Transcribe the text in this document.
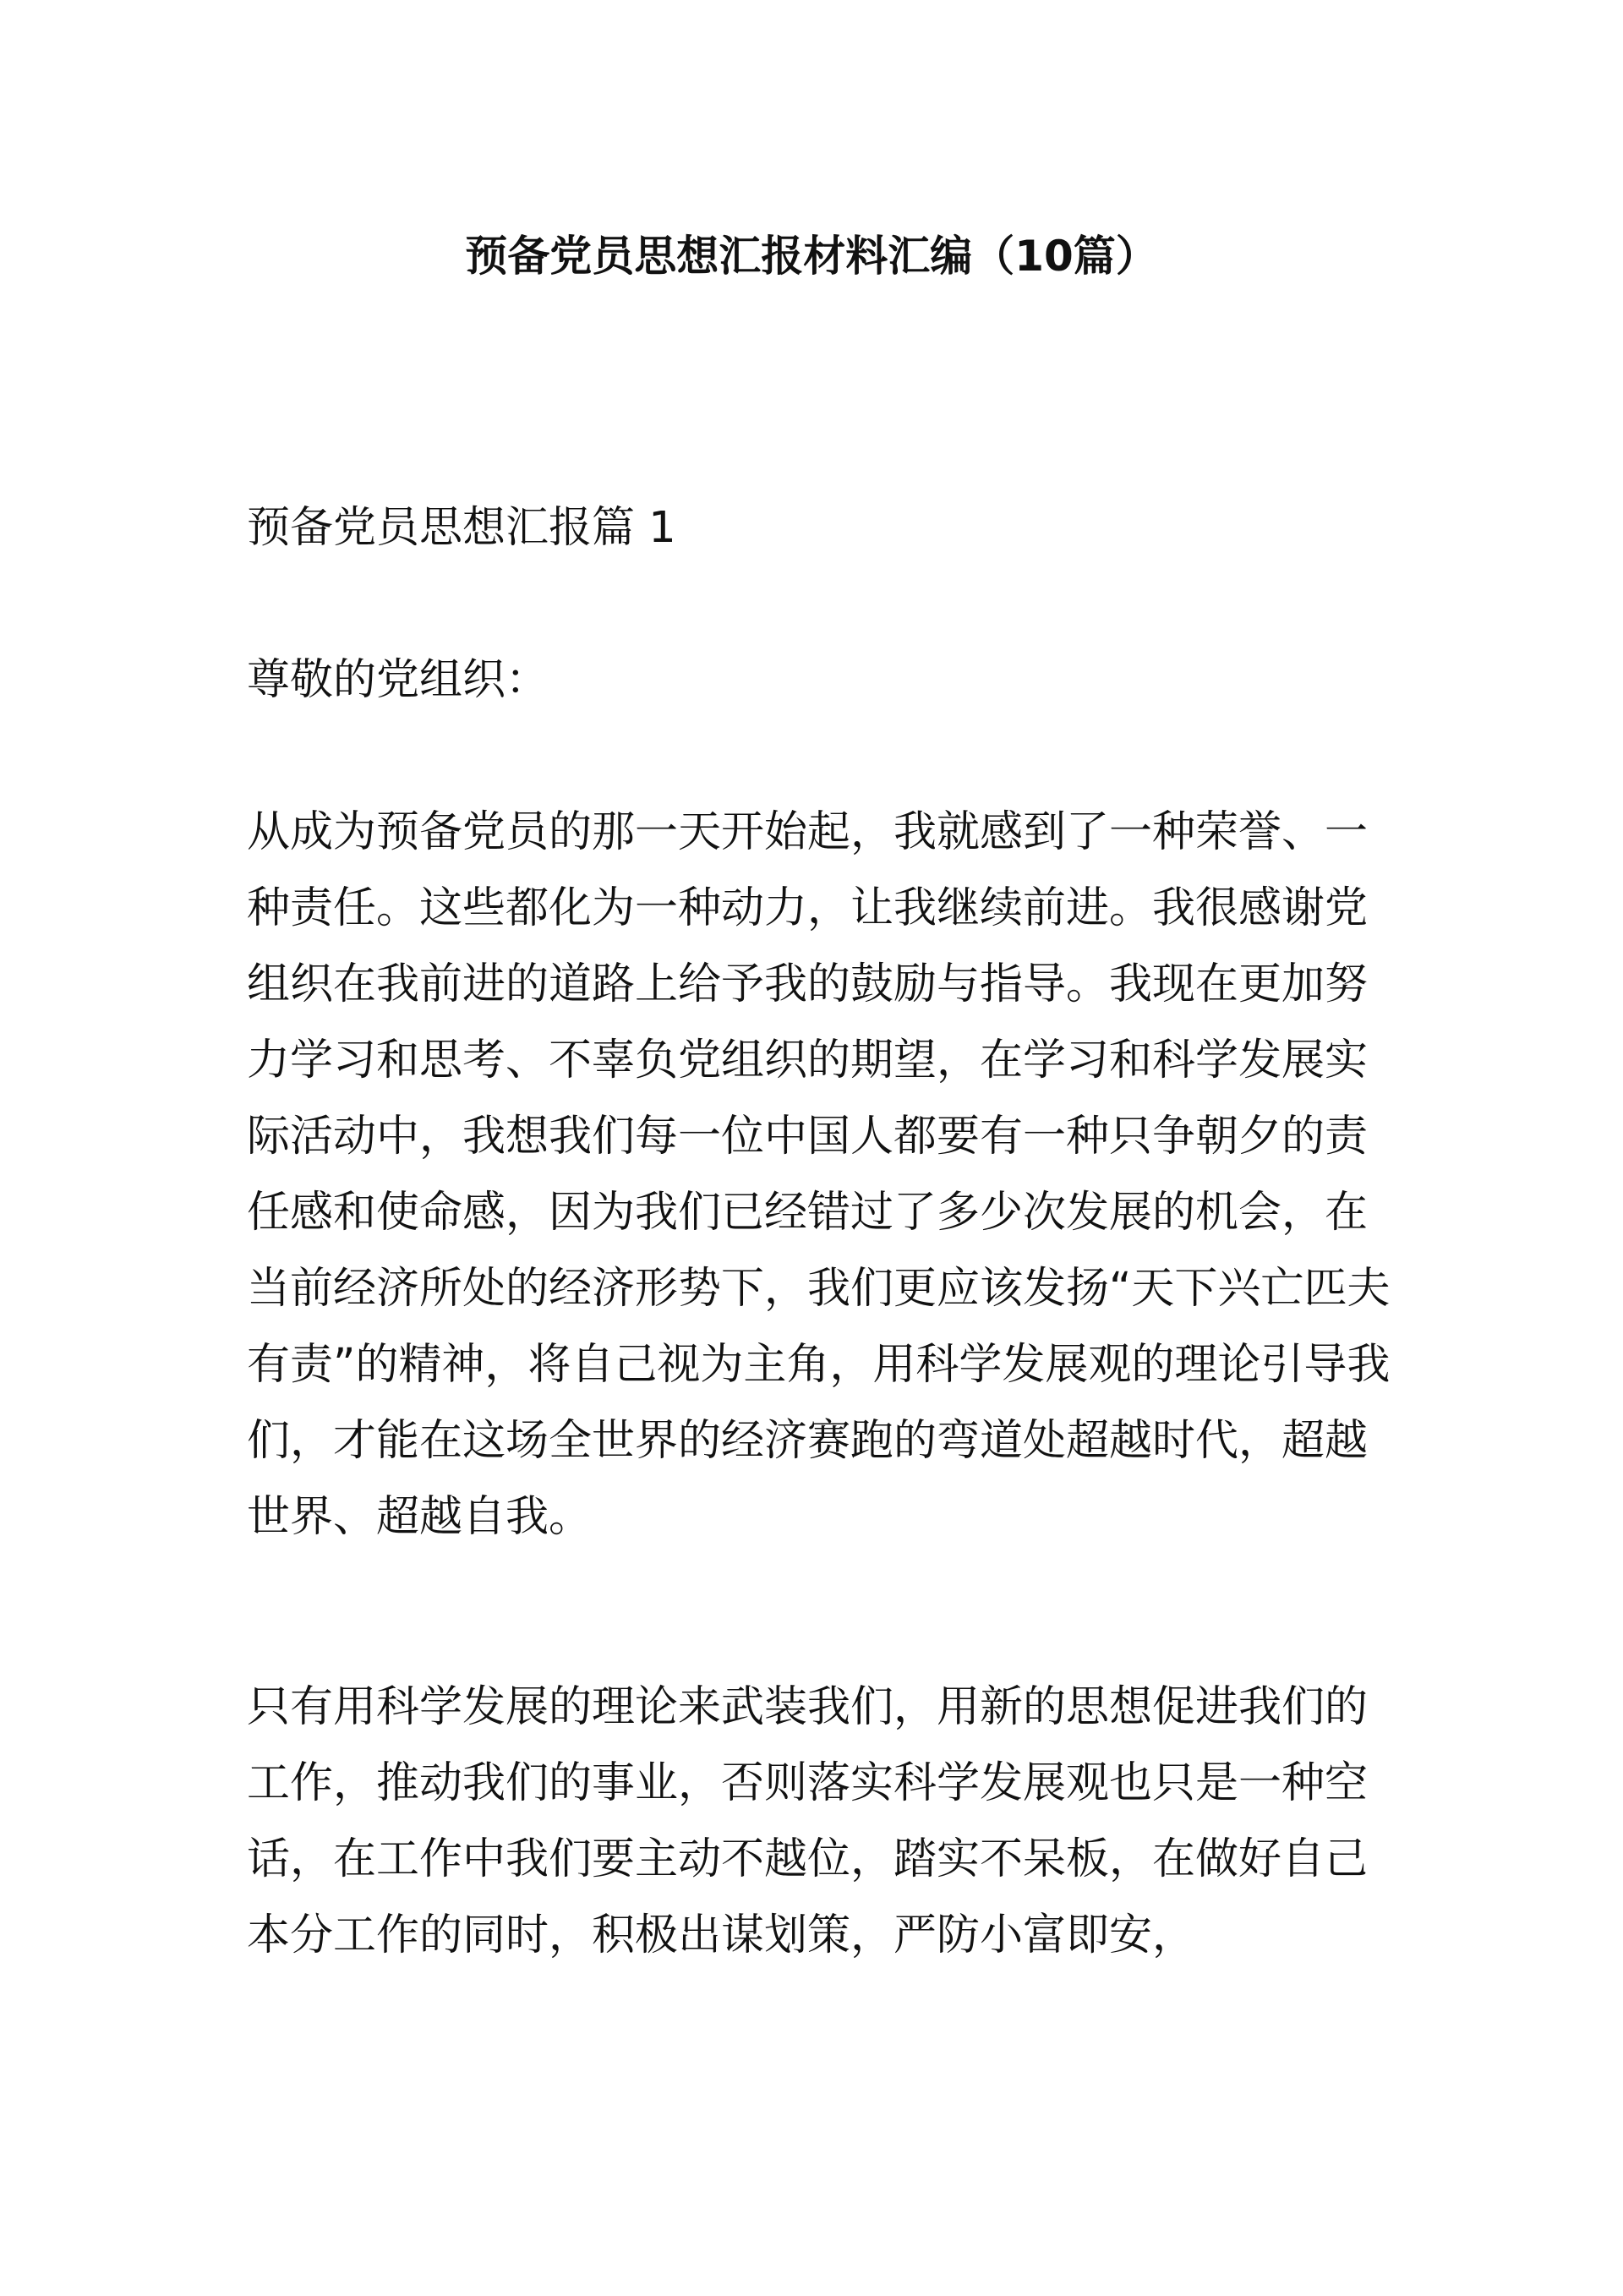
预备党员思想汇报材料汇编（10篇）

预备党员思想汇报篇 1

尊敬的党组织：

从成为预备党员的那一天开始起，我就感到了一种荣誉、一种责任。这些都化为一种动力，让我继续前进。我很感谢党组织在我前进的道路上给予我的鼓励与指导。我现在更加努力学习和思考、不辜负党组织的期望，在学习和科学发展实际活动中，我想我们每一位中国人都要有一种只争朝夕的责任感和使命感，因为我们已经错过了多少次发展的机会，在当前经济所处的经济形势下，我们更应该发扬“天下兴亡匹夫有责”的精神，将自己视为主角，用科学发展观的理论引导我们，才能在这场全世界的经济赛跑的弯道处超越时代，超越世界、超越自我。

只有用科学发展的理论来武装我们，用新的思想促进我们的工作，推动我们的事业，否则落实科学发展观也只是一种空话，在工作中我们要主动不越位，踏实不呆板，在做好自己本分工作的同时，积极出谋划策，严防小富即安，
